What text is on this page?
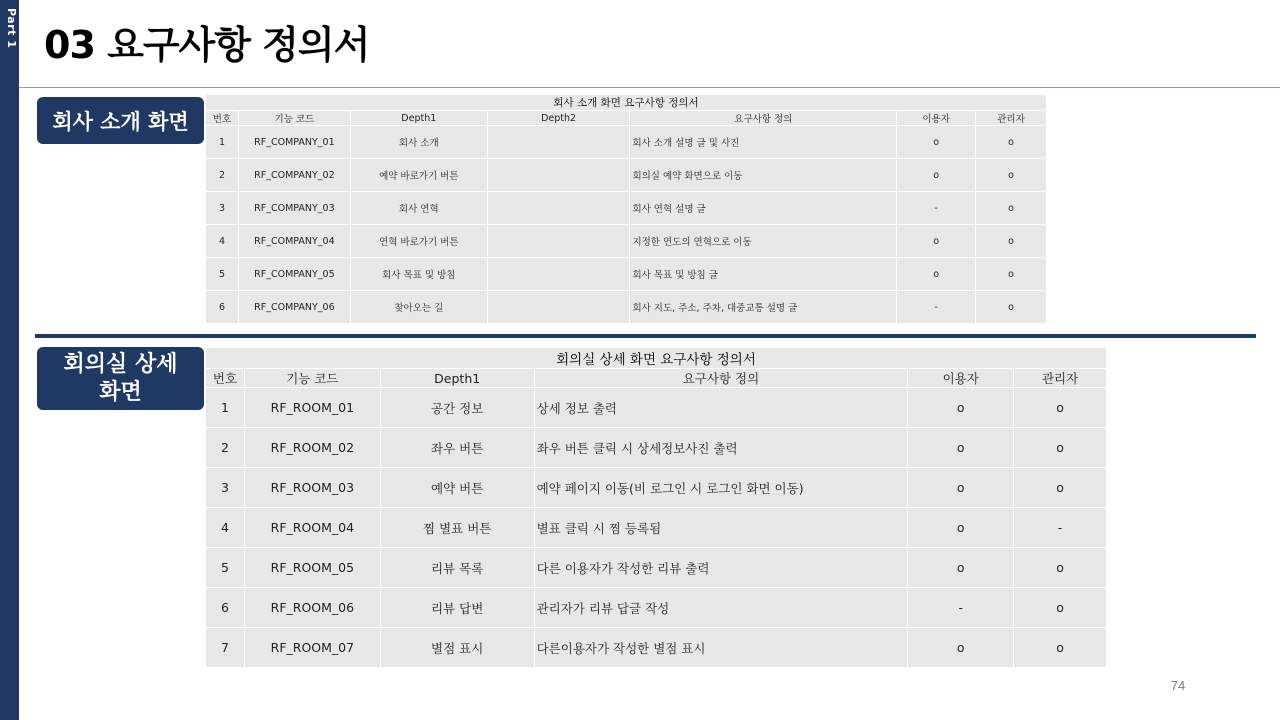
Part 1 03 요구사항 정의서
회사 소개 화면
회사 소개 화면 요구사항 정의서						
번호	기능 코드	Depth1	Depth2	요구사항 정의	이용자	관리자
1	RF_COMPANY_01	회사 소개		회사 소개 설명 글 및 사진	o	o
2	RF_COMPANY_02	예약 바로가기 버튼		회의실 예약 화면으로 이동	o	o
3	RF_COMPANY_03	회사 연혁		회사 연혁 설명 글	-	o
4	RF_COMPANY_04	연혁 바로가기 버튼		지정한 연도의 연혁으로 이동	o	o
5	RF_COMPANY_05	회사 목표 및 방침		회사 목표 및 방침 글	o	o
6	RF_COMPANY_06	찾아오는 길		회사 지도, 주소, 주차, 대중교통 설명 글	-	o
회의실 상세
화면
회의실 상세 화면 요구사항 정의서					
번호	기능 코드	Depth1	요구사항 정의	이용자	관리자
1	RF_ROOM_01	공간 정보	상세 정보 출력	o	o
2	RF_ROOM_02	좌우 버튼	좌우 버튼 클릭 시 상세정보사진 출력	o	o
3	RF_ROOM_03	예약 버튼	예약 페이지 이동(비 로그인 시 로그인 화면 이동)	o	o
4	RF_ROOM_04	찜 별표 버튼	별표 클릭 시 찜 등록됨	o	-
5	RF_ROOM_05	리뷰 목록	다른 이용자가 작성한 리뷰 출력	o	o
6	RF_ROOM_06	리뷰 답변	관리자가 리뷰 답글 작성	-	o
7	RF_ROOM_07	별점 표시	다른이용자가 작성한 별점 표시	o	o
74
